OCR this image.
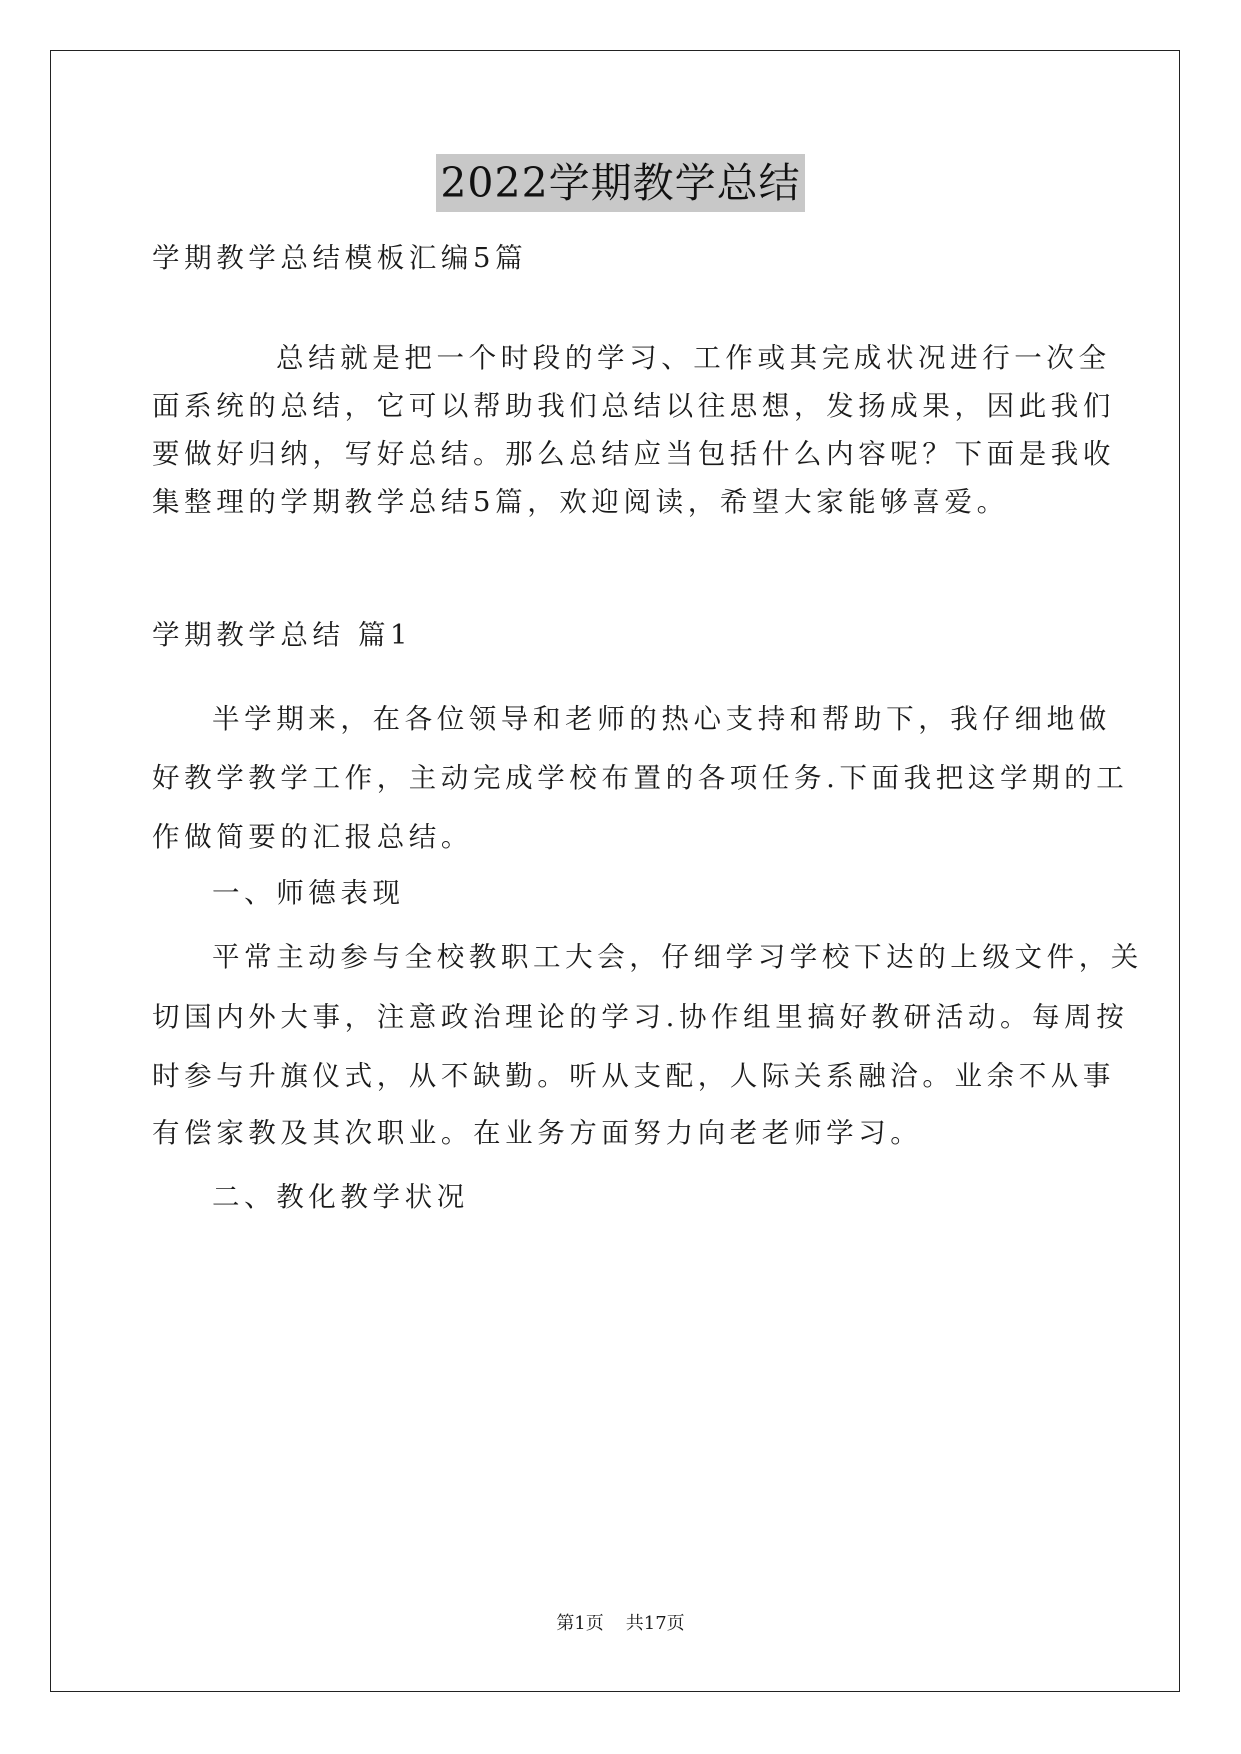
2022学期教学总结
学期教学总结模板汇编5篇
总结就是把一个时段的学习、工作或其完成状况进行一次全
面系统的总结，它可以帮助我们总结以往思想，发扬成果，因此我们
要做好归纳，写好总结。那么总结应当包括什么内容呢？下面是我收
集整理的学期教学总结5篇，欢迎阅读，希望大家能够喜爱。
学期教学总结 篇1
半学期来，在各位领导和老师的热心支持和帮助下，我仔细地做
好教学教学工作，主动完成学校布置的各项任务.下面我把这学期的工
作做简要的汇报总结。
一、师德表现
平常主动参与全校教职工大会，仔细学习学校下达的上级文件，关
切国内外大事，注意政治理论的学习.协作组里搞好教研活动。每周按
时参与升旗仪式，从不缺勤。听从支配，人际关系融洽。业余不从事
有偿家教及其次职业。在业务方面努力向老老师学习。
二、教化教学状况
第1页 共17页
